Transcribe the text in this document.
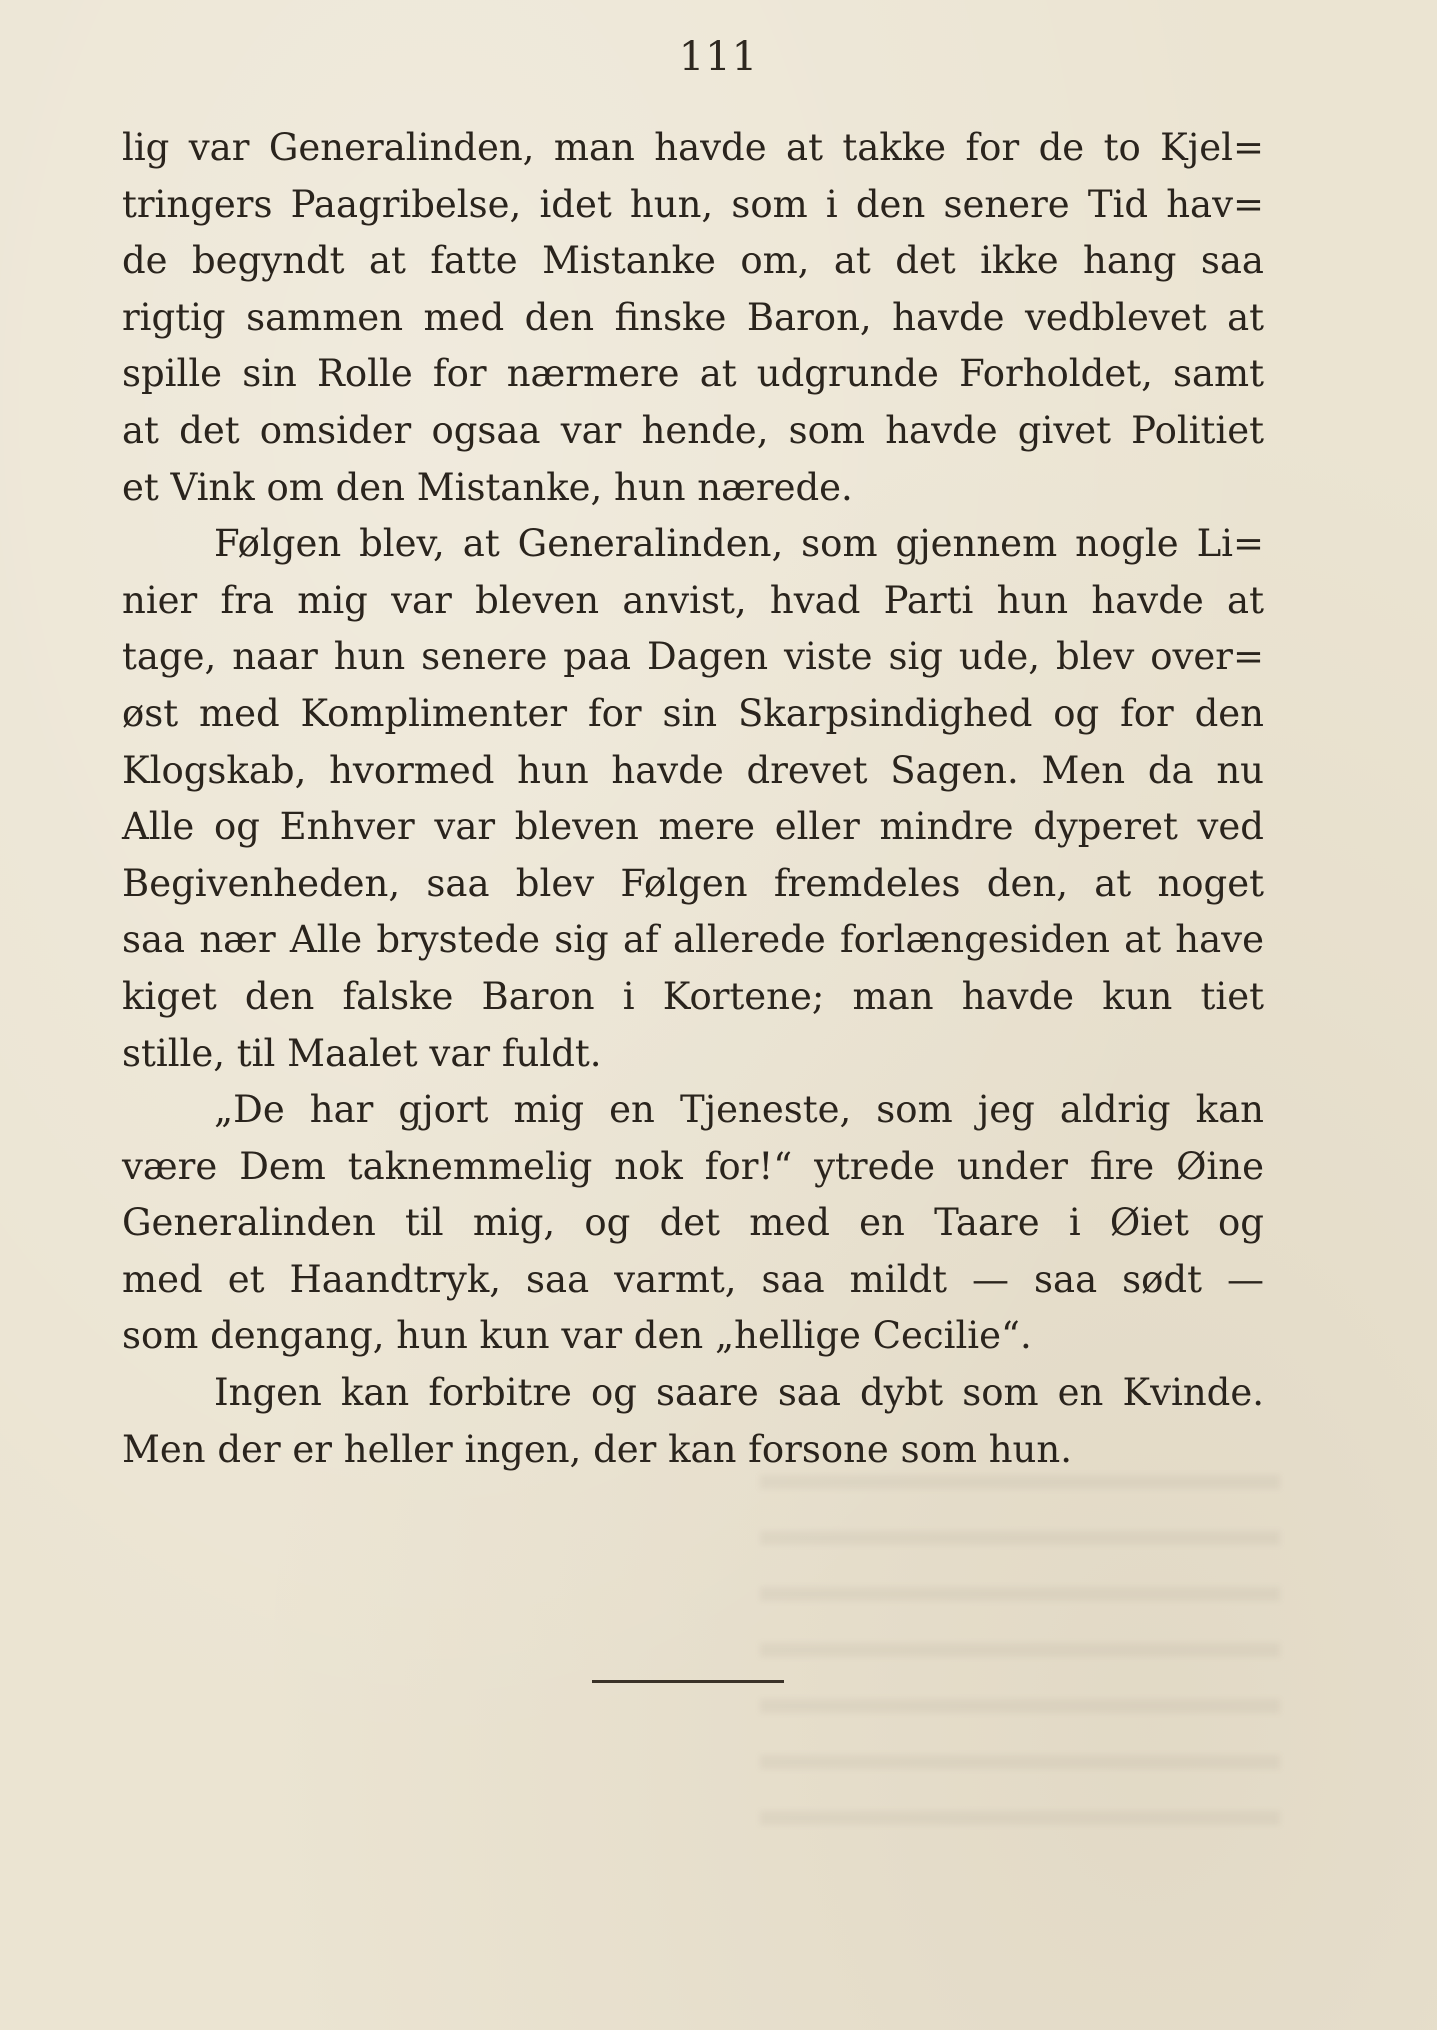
111
lig var Generalinden, man havde at takke for de to Kjel=
tringers Paagribelse, idet hun, som i den senere Tid hav=
de begyndt at fatte Mistanke om, at det ikke hang saa
rigtig sammen med den finske Baron, havde vedblevet at
spille sin Rolle for nærmere at udgrunde Forholdet, samt
at det omsider ogsaa var hende, som havde givet Politiet
et Vink om den Mistanke, hun nærede.
Følgen blev, at Generalinden, som gjennem nogle Li=
nier fra mig var bleven anvist, hvad Parti hun havde at
tage, naar hun senere paa Dagen viste sig ude, blev over=
øst med Komplimenter for sin Skarpsindighed og for den
Klogskab, hvormed hun havde drevet Sagen. Men da nu
Alle og Enhver var bleven mere eller mindre dyperet ved
Begivenheden, saa blev Følgen fremdeles den, at noget
saa nær Alle brystede sig af allerede forlængesiden at have
kiget den falske Baron i Kortene; man havde kun tiet
stille, til Maalet var fuldt.
„De har gjort mig en Tjeneste, som jeg aldrig kan
være Dem taknemmelig nok for!“ ytrede under fire Øine
Generalinden til mig, og det med en Taare i Øiet og
med et Haandtryk, saa varmt, saa mildt — saa sødt —
som dengang, hun kun var den „hellige Cecilie“.
Ingen kan forbitre og saare saa dybt som en Kvinde.
Men der er heller ingen, der kan forsone som hun.
